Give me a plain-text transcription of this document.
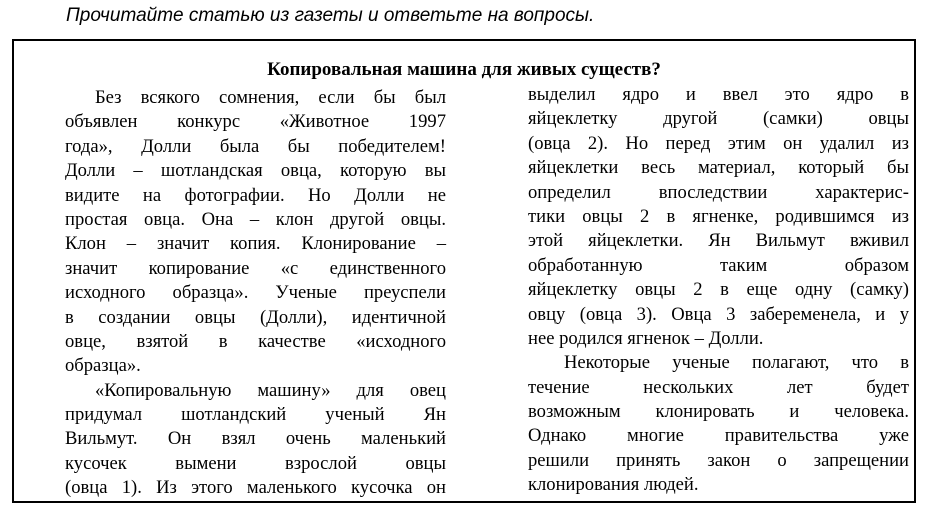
Прочитайте статью из газеты и ответьте на вопросы.
Копировальная машина для живых существ?
Без всякого сомнения, если бы был
объявлен конкурс «Животное 1997
года», Долли была бы победителем!
Долли – шотландская овца, которую вы
видите на фотографии. Но Долли не
простая овца. Она – клон другой овцы.
Клон – значит копия. Клонирование –
значит копирование «с единственного
исходного образца». Ученые преуспели
в создании овцы (Долли), идентичной
овце, взятой в качестве «исходного
образца».
«Копировальную машину» для овец
придумал шотландский ученый Ян
Вильмут. Он взял очень маленький
кусочек вымени взрослой овцы
(овца 1). Из этого маленького кусочка он
выделил ядро и ввел это ядро в
яйцеклетку другой (самки) овцы
(овца 2). Но перед этим он удалил из
яйцеклетки весь материал, который бы
определил впоследствии характерис-
тики овцы 2 в ягненке, родившимся из
этой яйцеклетки. Ян Вильмут вживил
обработанную таким образом
яйцеклетку овцы 2 в еще одну (самку)
овцу (овца 3). Овца 3 забеременела, и у
нее родился ягненок – Долли.
Некоторые ученые полагают, что в
течение нескольких лет будет
возможным клонировать и человека.
Однако многие правительства уже
решили принять закон о запрещении
клонирования людей.
